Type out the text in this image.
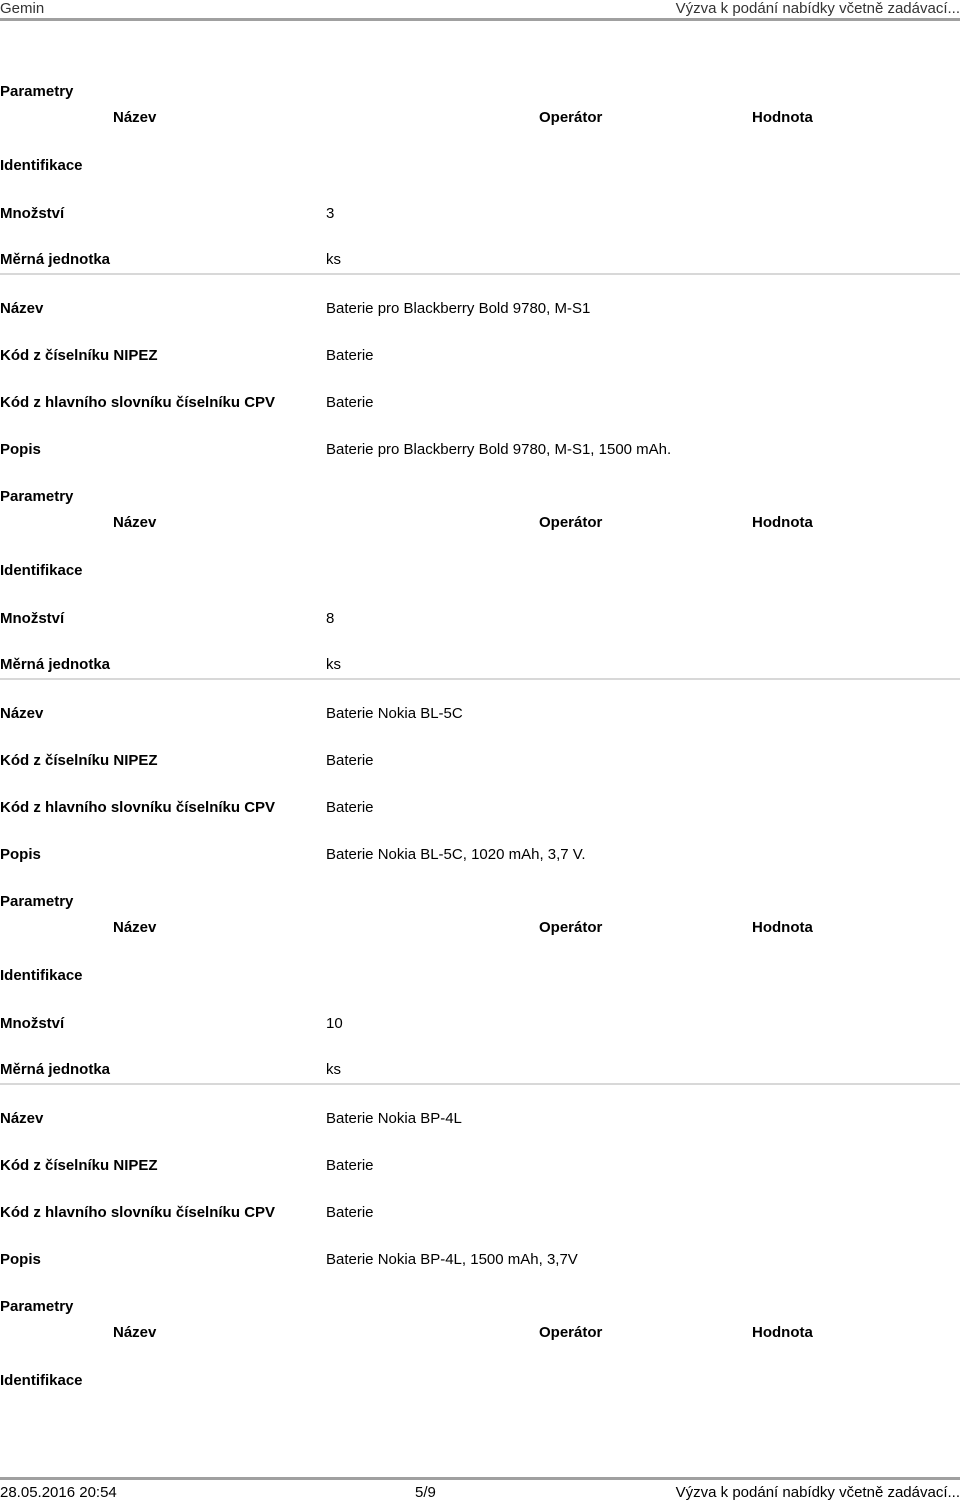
Gemin	Výzva k podání nabídky včetně zadávací...
Parametry
Název	Operátor	Hodnota
Identifikace
Množství	3
Měrná jednotka	ks
Název	Baterie pro Blackberry Bold 9780, M-S1
Kód z číselníku NIPEZ	Baterie
Kód z hlavního slovníku číselníku CPV	Baterie
Popis	Baterie pro Blackberry Bold 9780, M-S1, 1500 mAh.
Parametry
Název	Operátor	Hodnota
Identifikace
Množství	8
Měrná jednotka	ks
Název	Baterie Nokia BL-5C
Kód z číselníku NIPEZ	Baterie
Kód z hlavního slovníku číselníku CPV	Baterie
Popis	Baterie Nokia BL-5C, 1020 mAh, 3,7 V.
Parametry
Název	Operátor	Hodnota
Identifikace
Množství	10
Měrná jednotka	ks
Název	Baterie Nokia BP-4L
Kód z číselníku NIPEZ	Baterie
Kód z hlavního slovníku číselníku CPV	Baterie
Popis	Baterie Nokia BP-4L, 1500 mAh, 3,7V
Parametry
Název	Operátor	Hodnota
Identifikace
28.05.2016 20:54	5/9	Výzva k podání nabídky včetně zadávací...
